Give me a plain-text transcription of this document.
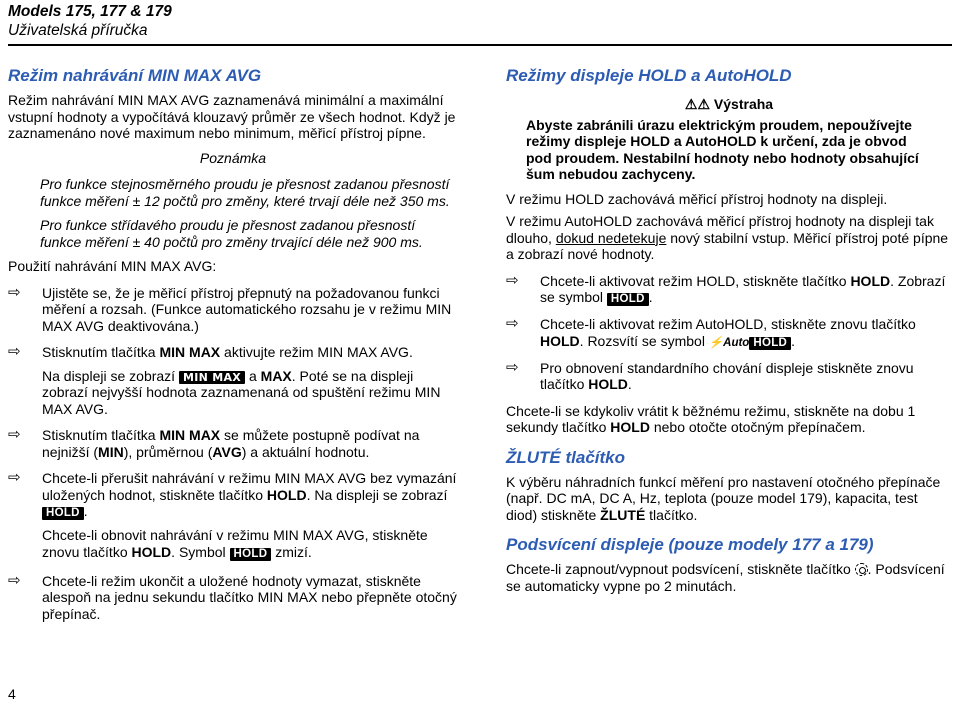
Models 175, 177 & 179
Uživatelská příručka
Režim nahrávání MIN MAX AVG
Režim nahrávání MIN MAX AVG zaznamenává minimální a maximální vstupní hodnoty a vypočítává klouzavý průměr ze všech hodnot. Když je zaznamenáno nové maximum nebo minimum, měřicí přístroj pípne.
Poznámka
Pro funkce stejnosměrného proudu je přesnost zadanou přesností funkce měření ± 12 počtů pro změny, které trvají déle než 350 ms.
Pro funkce střídavého proudu je přesnost zadanou přesností funkce měření ± 40 počtů pro změny trvající déle než 900 ms.
Použití nahrávání MIN MAX AVG:
⇨	Ujistěte se, že je měřicí přístroj přepnutý na požadovanou funkci měření a rozsah. (Funkce automatického rozsahu je v režimu MIN MAX AVG deaktivována.)
⇨	Stisknutím tlačítka MIN MAX aktivujte režim MIN MAX AVG.
Na displeji se zobrazí MIN MAX a MAX. Poté se na displeji zobrazí nejvyšší hodnota zaznamenaná od spuštění režimu MIN MAX AVG.
⇨	Stisknutím tlačítka MIN MAX se můžete postupně podívat na nejnižší (MIN), průměrnou (AVG) a aktuální hodnotu.
⇨	Chcete-li přerušit nahrávání v režimu MIN MAX AVG bez vymazání uložených hodnot, stiskněte tlačítko HOLD. Na displeji se zobrazí HOLD .
Chcete-li obnovit nahrávání v režimu MIN MAX AVG, stiskněte znovu tlačítko HOLD. Symbol HOLD zmizí.
⇨	Chcete-li režim ukončit a uložené hodnoty vymazat, stiskněte alespoň na jednu sekundu tlačítko MIN MAX nebo přepněte otočný přepínač.
Režimy displeje HOLD a AutoHOLD
⚠⚠ Výstraha
Abyste zabránili úrazu elektrickým proudem, nepoužívejte režimy displeje HOLD a AutoHOLD k určení, zda je obvod pod proudem. Nestabilní hodnoty nebo hodnoty obsahující šum nebudou zachyceny.
V režimu HOLD zachovává měřicí přístroj hodnoty na displeji.
V režimu AutoHOLD zachovává měřicí přístroj hodnoty na displeji tak dlouho, dokud nedetekuje nový stabilní vstup. Měřicí přístroj poté pípne a zobrazí nové hodnoty.
⇨	Chcete-li aktivovat režim HOLD, stiskněte tlačítko HOLD. Zobrazí se symbol HOLD .
⇨	Chcete-li aktivovat režim AutoHOLD, stiskněte znovu tlačítko HOLD. Rozsvítí se symbol ⚡Auto HOLD .
⇨	Pro obnovení standardního chování displeje stiskněte znovu tlačítko HOLD.
Chcete-li se kdykoliv vrátit k běžnému režimu, stiskněte na dobu 1 sekundy tlačítko HOLD nebo otočte otočným přepínačem.
ŽLUTÉ tlačítko
K výběru náhradních funkcí měření pro nastavení otočného přepínače (např. DC mA, DC A, Hz, teplota (pouze model 179), kapacita, test diod) stiskněte ŽLUTÉ tlačítko.
Podsvícení displeje (pouze modely 177 a 179)
Chcete-li zapnout/vypnout podsvícení, stiskněte tlačítko . Podsvícení se automaticky vypne po 2 minutách.
4
